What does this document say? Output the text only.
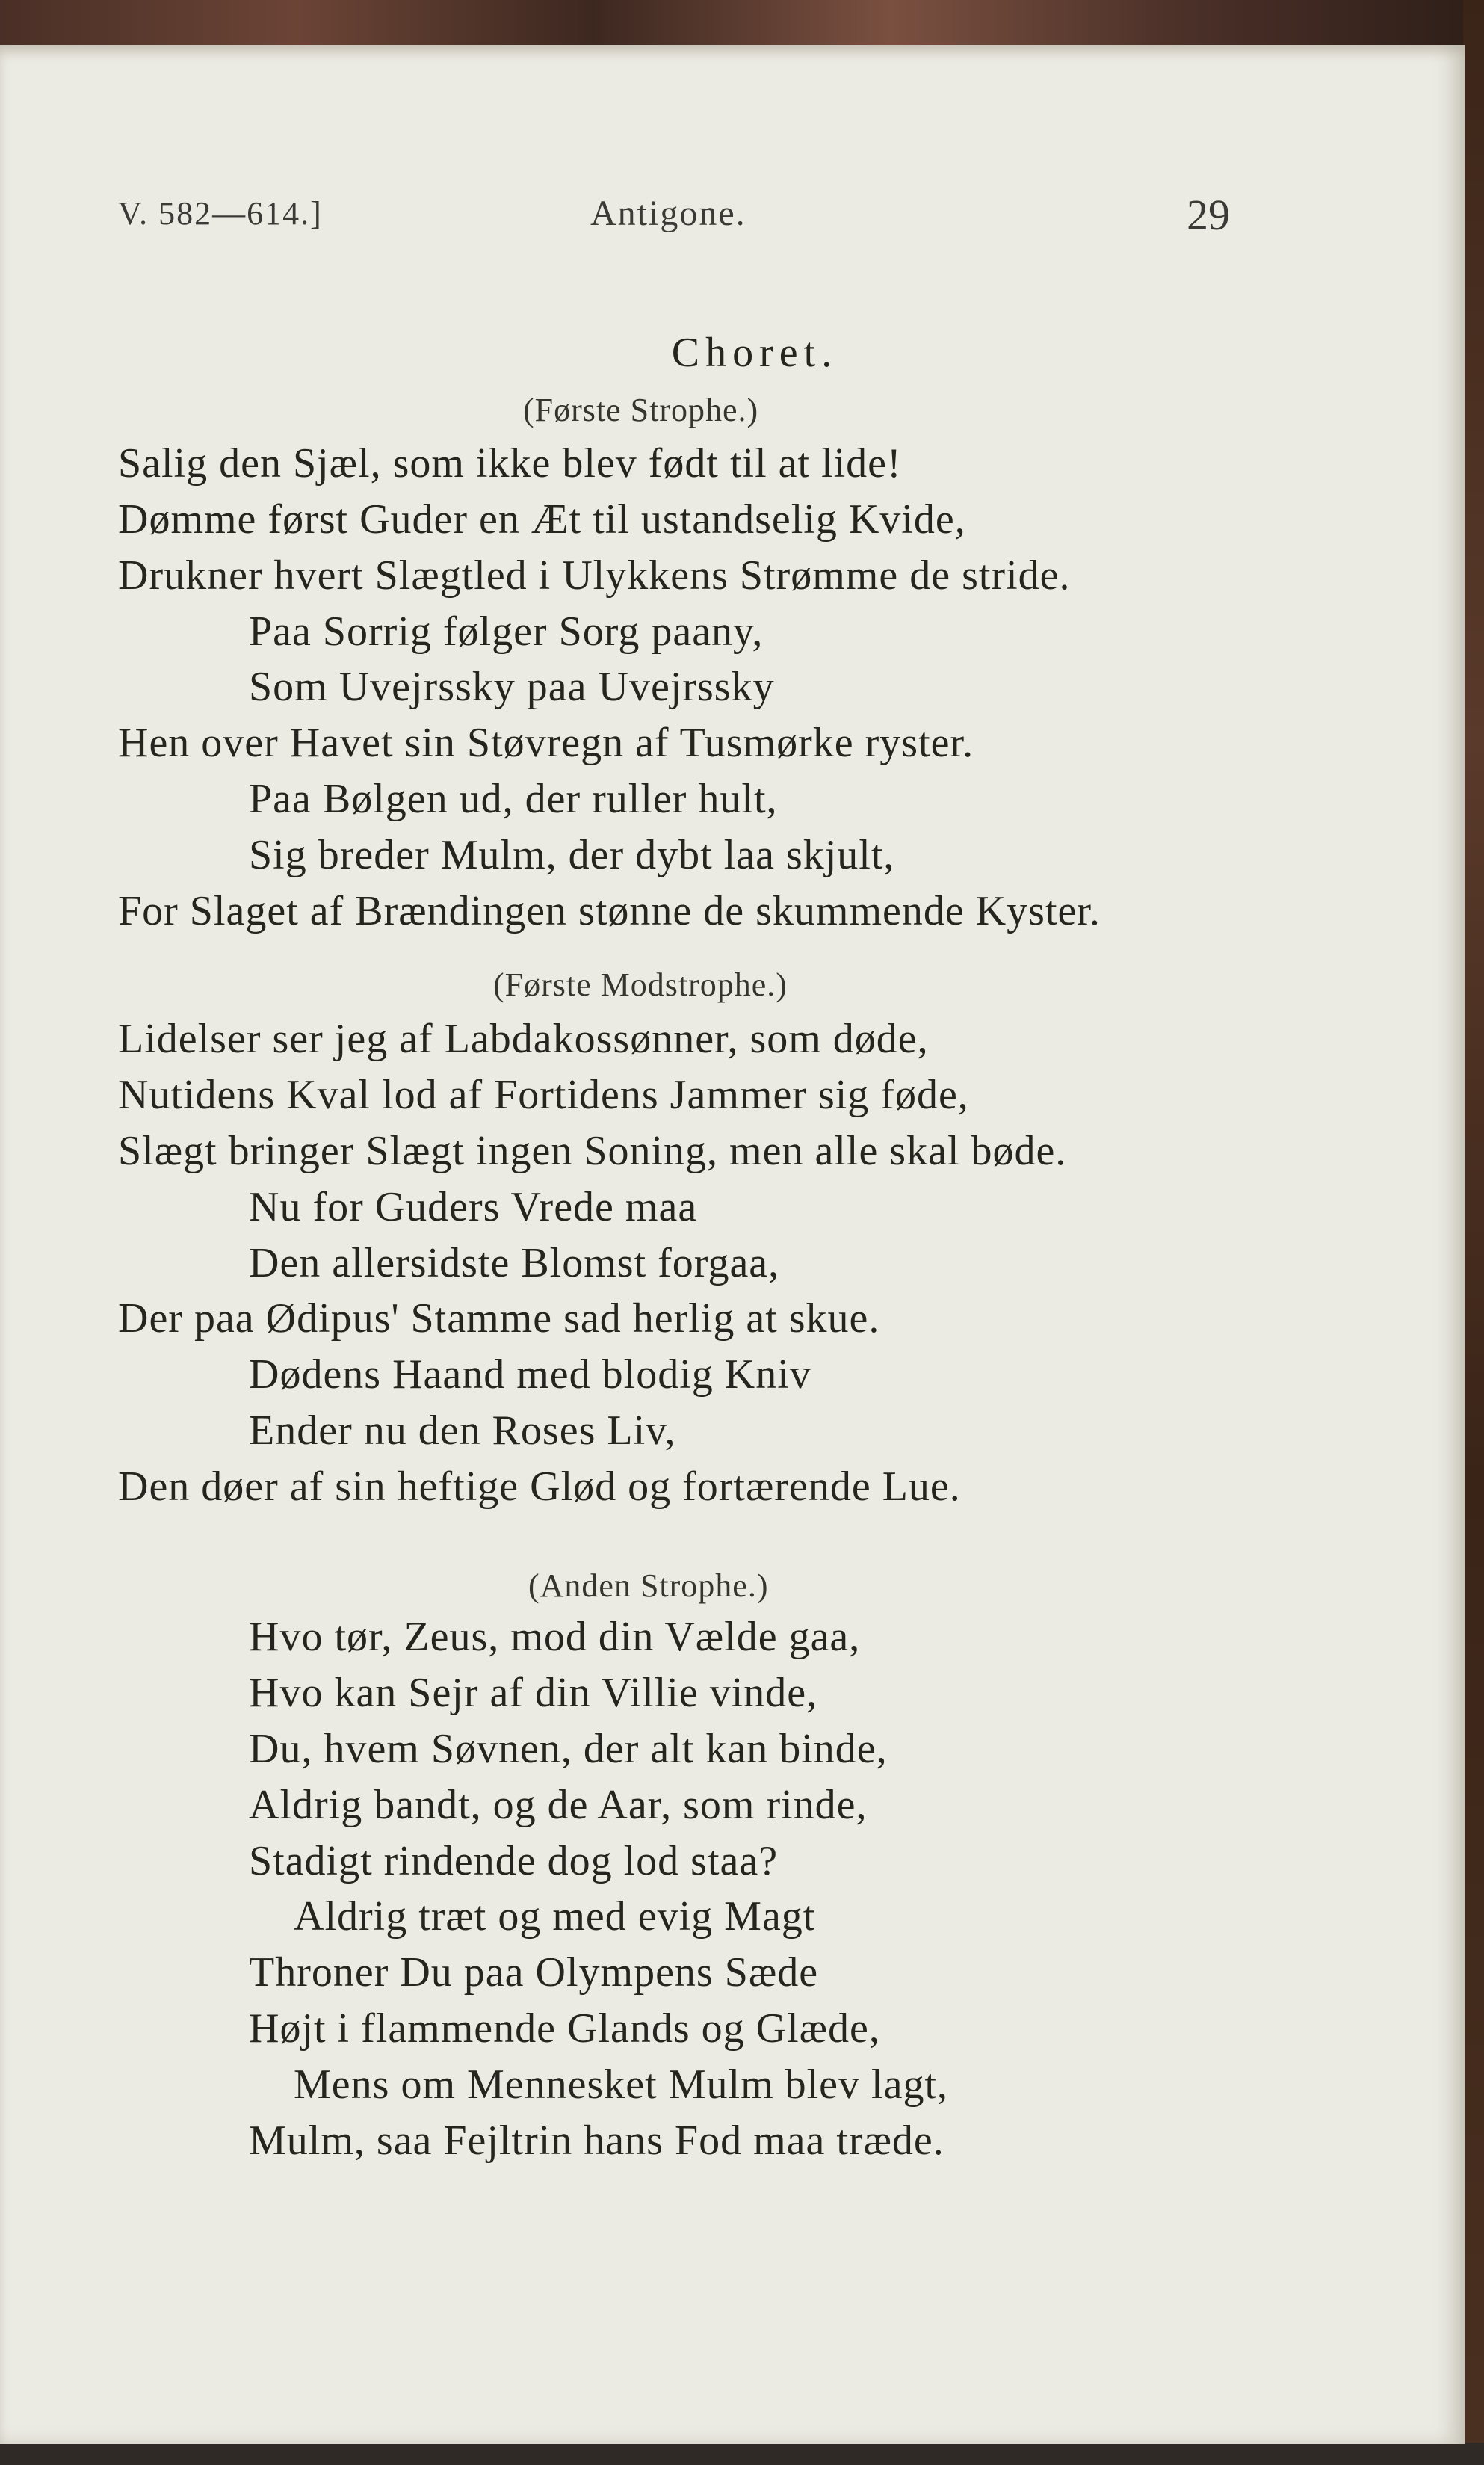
V. 582—614.]	Antigone.	29
Choret.
(Første Strophe.)
Salig den Sjæl, som ikke blev født til at lide!
Dømme først Guder en Æt til ustandselig Kvide,
Drukner hvert Slægtled i Ulykkens Strømme de stride.
Paa Sorrig følger Sorg paany,
Som Uvejrssky paa Uvejrssky
Hen over Havet sin Støvregn af Tusmørke ryster.
Paa Bølgen ud, der ruller hult,
Sig breder Mulm, der dybt laa skjult,
For Slaget af Brændingen stønne de skummende Kyster.
(Første Modstrophe.)
Lidelser ser jeg af Labdakossønner, som døde,
Nutidens Kval lod af Fortidens Jammer sig føde,
Slægt bringer Slægt ingen Soning, men alle skal bøde.
Nu for Guders Vrede maa
Den allersidste Blomst forgaa,
Der paa Ødipus' Stamme sad herlig at skue.
Dødens Haand med blodig Kniv
Ender nu den Roses Liv,
Den døer af sin heftige Glød og fortærende Lue.
(Anden Strophe.)
Hvo tør, Zeus, mod din Vælde gaa,
Hvo kan Sejr af din Villie vinde,
Du, hvem Søvnen, der alt kan binde,
Aldrig bandt, og de Aar, som rinde,
Stadigt rindende dog lod staa?
Aldrig træt og med evig Magt
Throner Du paa Olympens Sæde
Højt i flammende Glands og Glæde,
Mens om Mennesket Mulm blev lagt,
Mulm, saa Fejltrin hans Fod maa træde.
